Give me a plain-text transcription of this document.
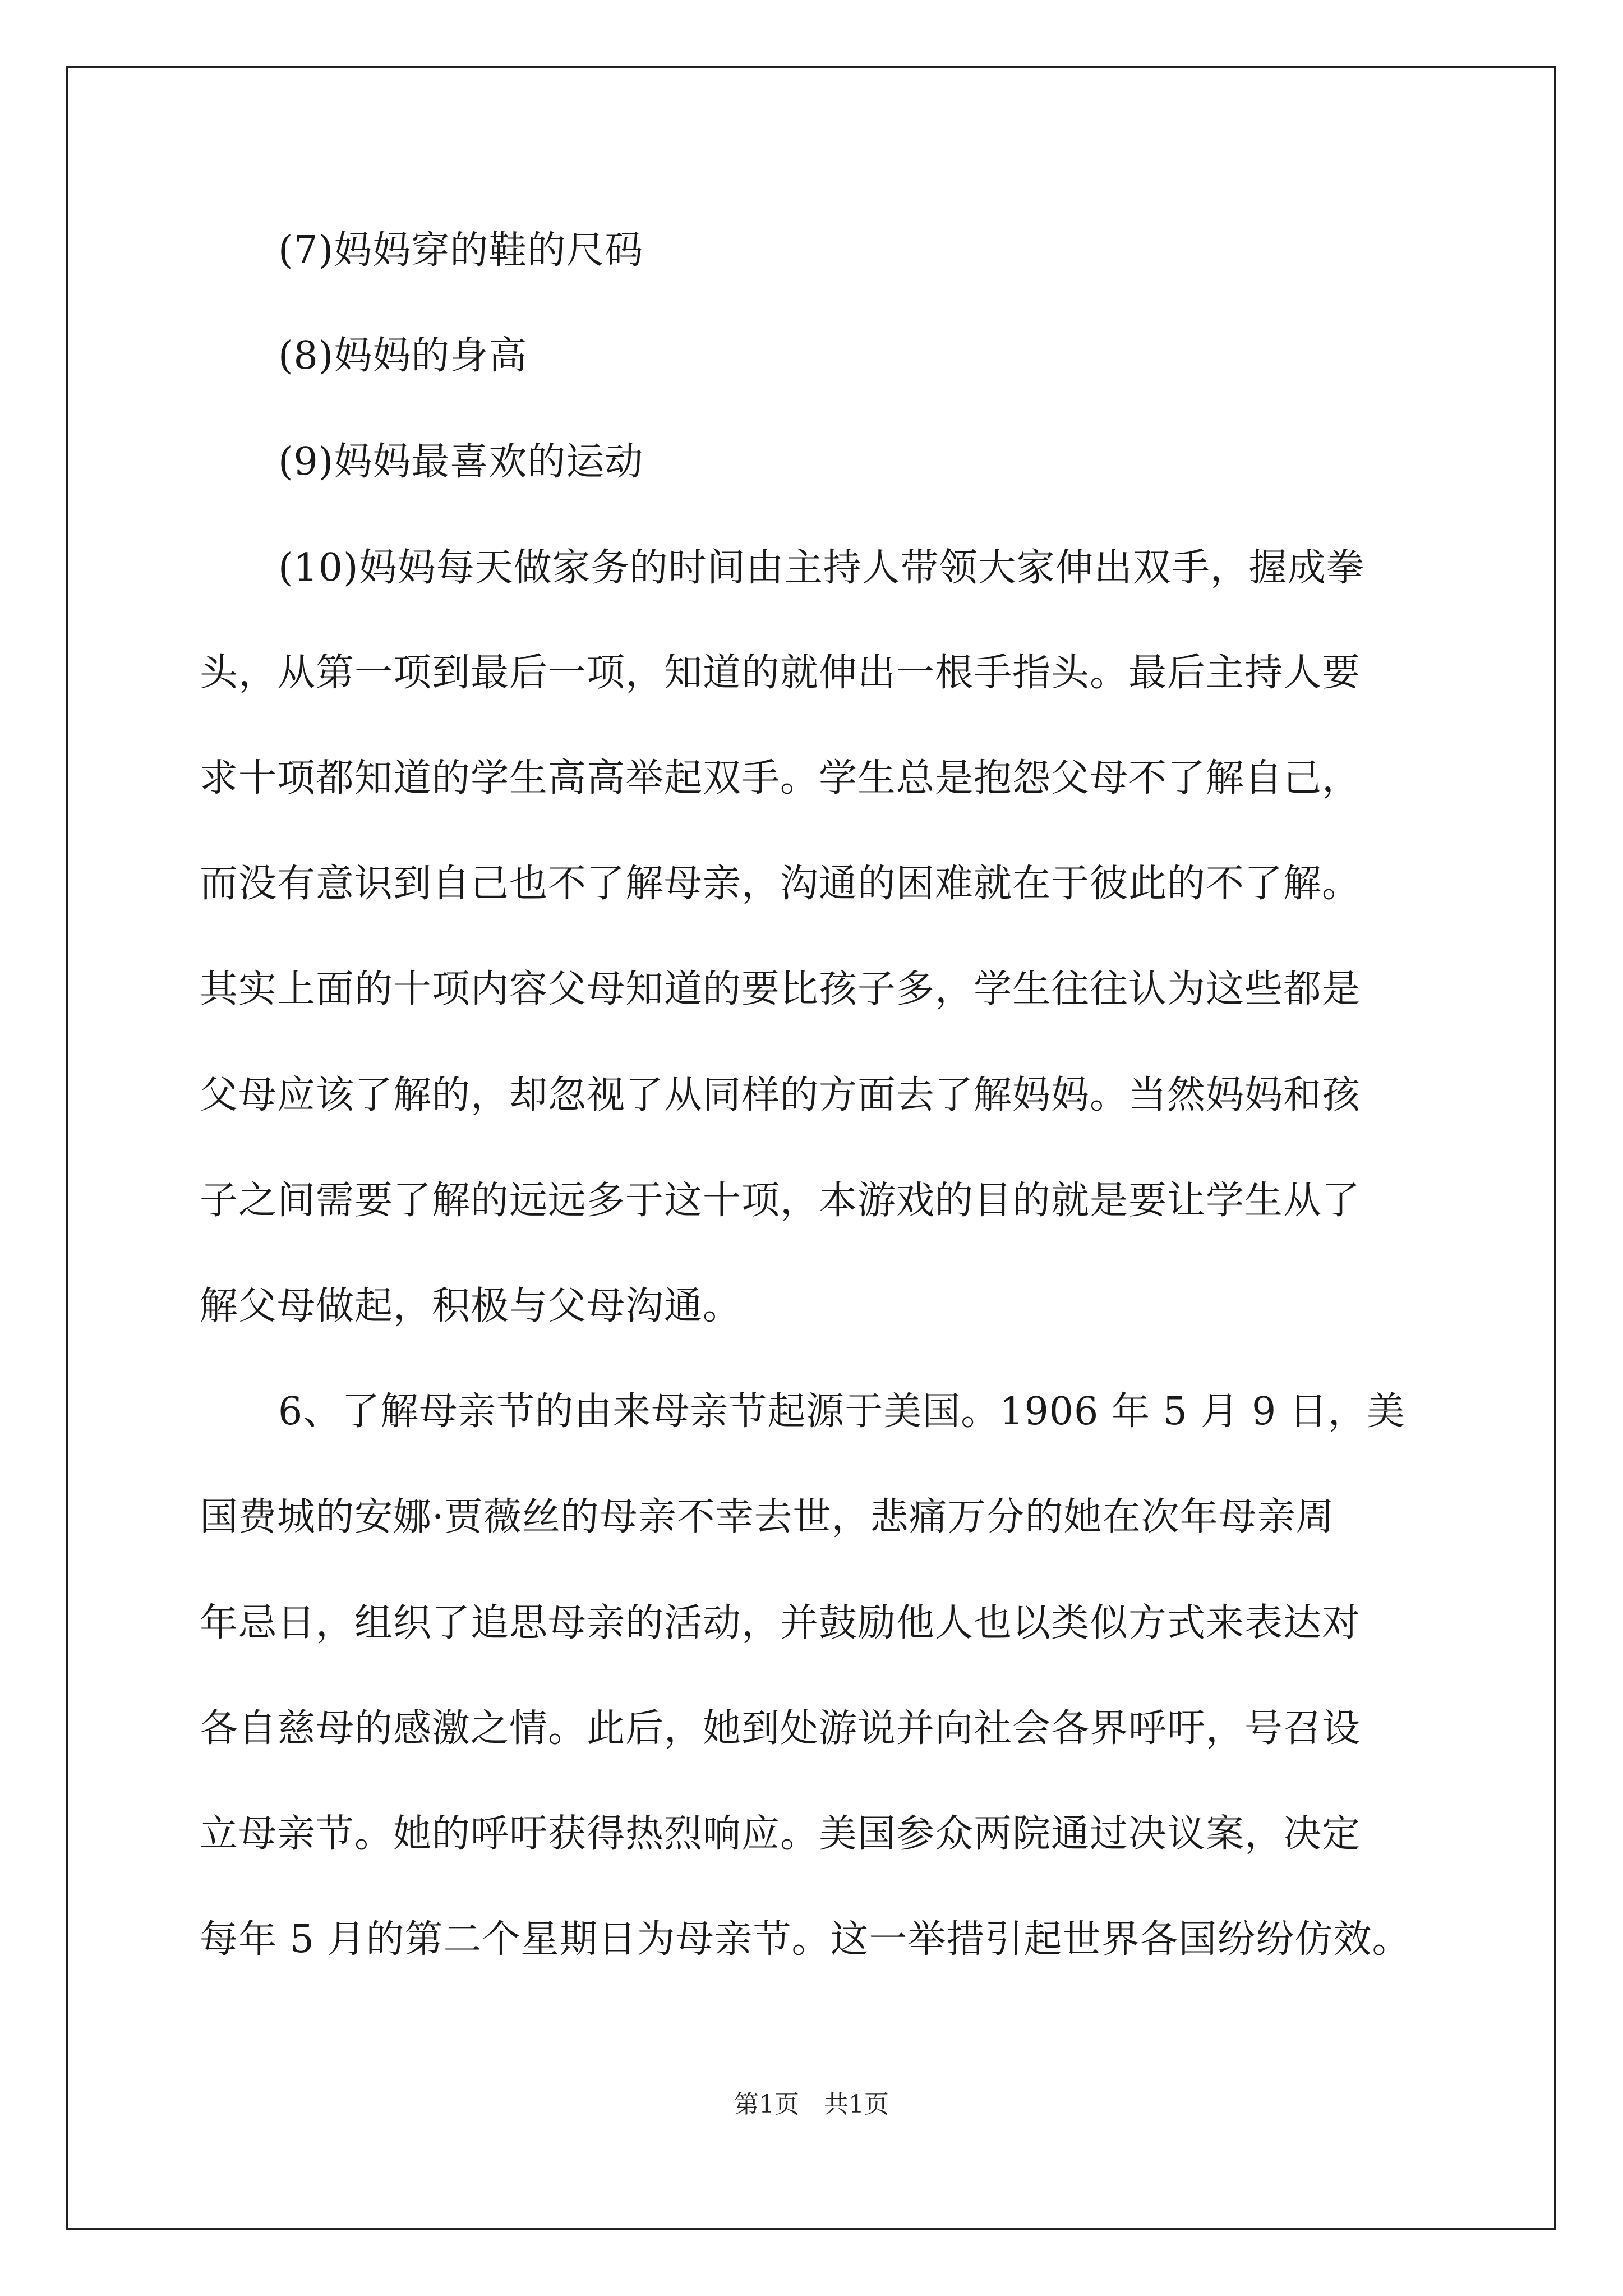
(7)妈妈穿的鞋的尺码
(8)妈妈的身高
(9)妈妈最喜欢的运动
(10)妈妈每天做家务的时间由主持人带领大家伸出双手，握成拳
头，从第一项到最后一项，知道的就伸出一根手指头。最后主持人要
求十项都知道的学生高高举起双手。学生总是抱怨父母不了解自己，
而没有意识到自己也不了解母亲，沟通的困难就在于彼此的不了解。
其实上面的十项内容父母知道的要比孩子多，学生往往认为这些都是
父母应该了解的，却忽视了从同样的方面去了解妈妈。当然妈妈和孩
子之间需要了解的远远多于这十项，本游戏的目的就是要让学生从了
解父母做起，积极与父母沟通。
6、了解母亲节的由来母亲节起源于美国。1906 年 5 月 9 日，美
国费城的安娜·贾薇丝的母亲不幸去世，悲痛万分的她在次年母亲周
年忌日，组织了追思母亲的活动，并鼓励他人也以类似方式来表达对
各自慈母的感激之情。此后，她到处游说并向社会各界呼吁，号召设
立母亲节。她的呼吁获得热烈响应。美国参众两院通过决议案，决定
每年 5 月的第二个星期日为母亲节。这一举措引起世界各国纷纷仿效。
第1页　共1页
